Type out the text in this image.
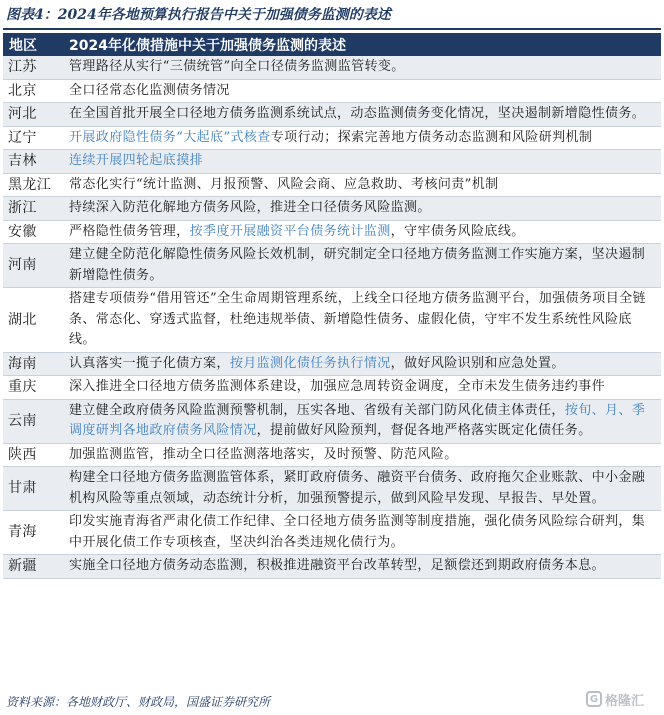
图表4：2024年各地预算执行报告中关于加强债务监测的表述
地区	2024年化债措施中关于加强债务监测的表述
江苏	管理路径从实行“三债统管”向全口径债务监测监管转变。
北京	全口径常态化监测债务情况
河北	在全国首批开展全口径地方债务监测系统试点，动态监测债务变化情况，坚决遏制新增隐性债务。
辽宁	开展政府隐性债务“大起底”式核查专项行动；探索完善地方债务动态监测和风险研判机制
吉林	连续开展四轮起底摸排
黑龙江	常态化实行“统计监测、月报预警、风险会商、应急救助、考核问责”机制
浙江	持续深入防范化解地方债务风险，推进全口径债务风险监测。
安徽	严格隐性债务管理，按季度开展融资平台债务统计监测，守牢债务风险底线。
河南	建立健全防范化解隐性债务风险长效机制，研究制定全口径地方债务监测工作实施方案，坚决遏制新增隐性债务。
湖北	搭建专项债券“借用管还”全生命周期管理系统，上线全口径地方债务监测平台，加强债务项目全链条、常态化、穿透式监督，杜绝违规举债、新增隐性债务、虚假化债，守牢不发生系统性风险底线。
海南	认真落实一揽子化债方案，按月监测化债任务执行情况，做好风险识别和应急处置。
重庆	深入推进全口径地方债务监测体系建设，加强应急周转资金调度，全市未发生债务违约事件
云南	建立健全政府债务风险监测预警机制，压实各地、省级有关部门防风化债主体责任，按旬、月、季调度研判各地政府债务风险情况，提前做好风险预判，督促各地严格落实既定化债任务。
陕西	加强监测监管，推动全口径监测落地落实，及时预警、防范风险。
甘肃	构建全口径地方债务监测监管体系，紧盯政府债务、融资平台债务、政府拖欠企业账款、中小金融机构风险等重点领域，动态统计分析，加强预警提示，做到风险早发现、早报告、早处置。
青海	印发实施青海省严肃化债工作纪律、全口径地方债务监测等制度措施，强化债务风险综合研判，集中开展化债工作专项核查，坚决纠治各类违规化债行为。
新疆	实施全口径地方债务动态监测，积极推进融资平台改革转型，足额偿还到期政府债务本息。
资料来源：各地财政厅、财政局，国盛证券研究所	G 格隆汇
